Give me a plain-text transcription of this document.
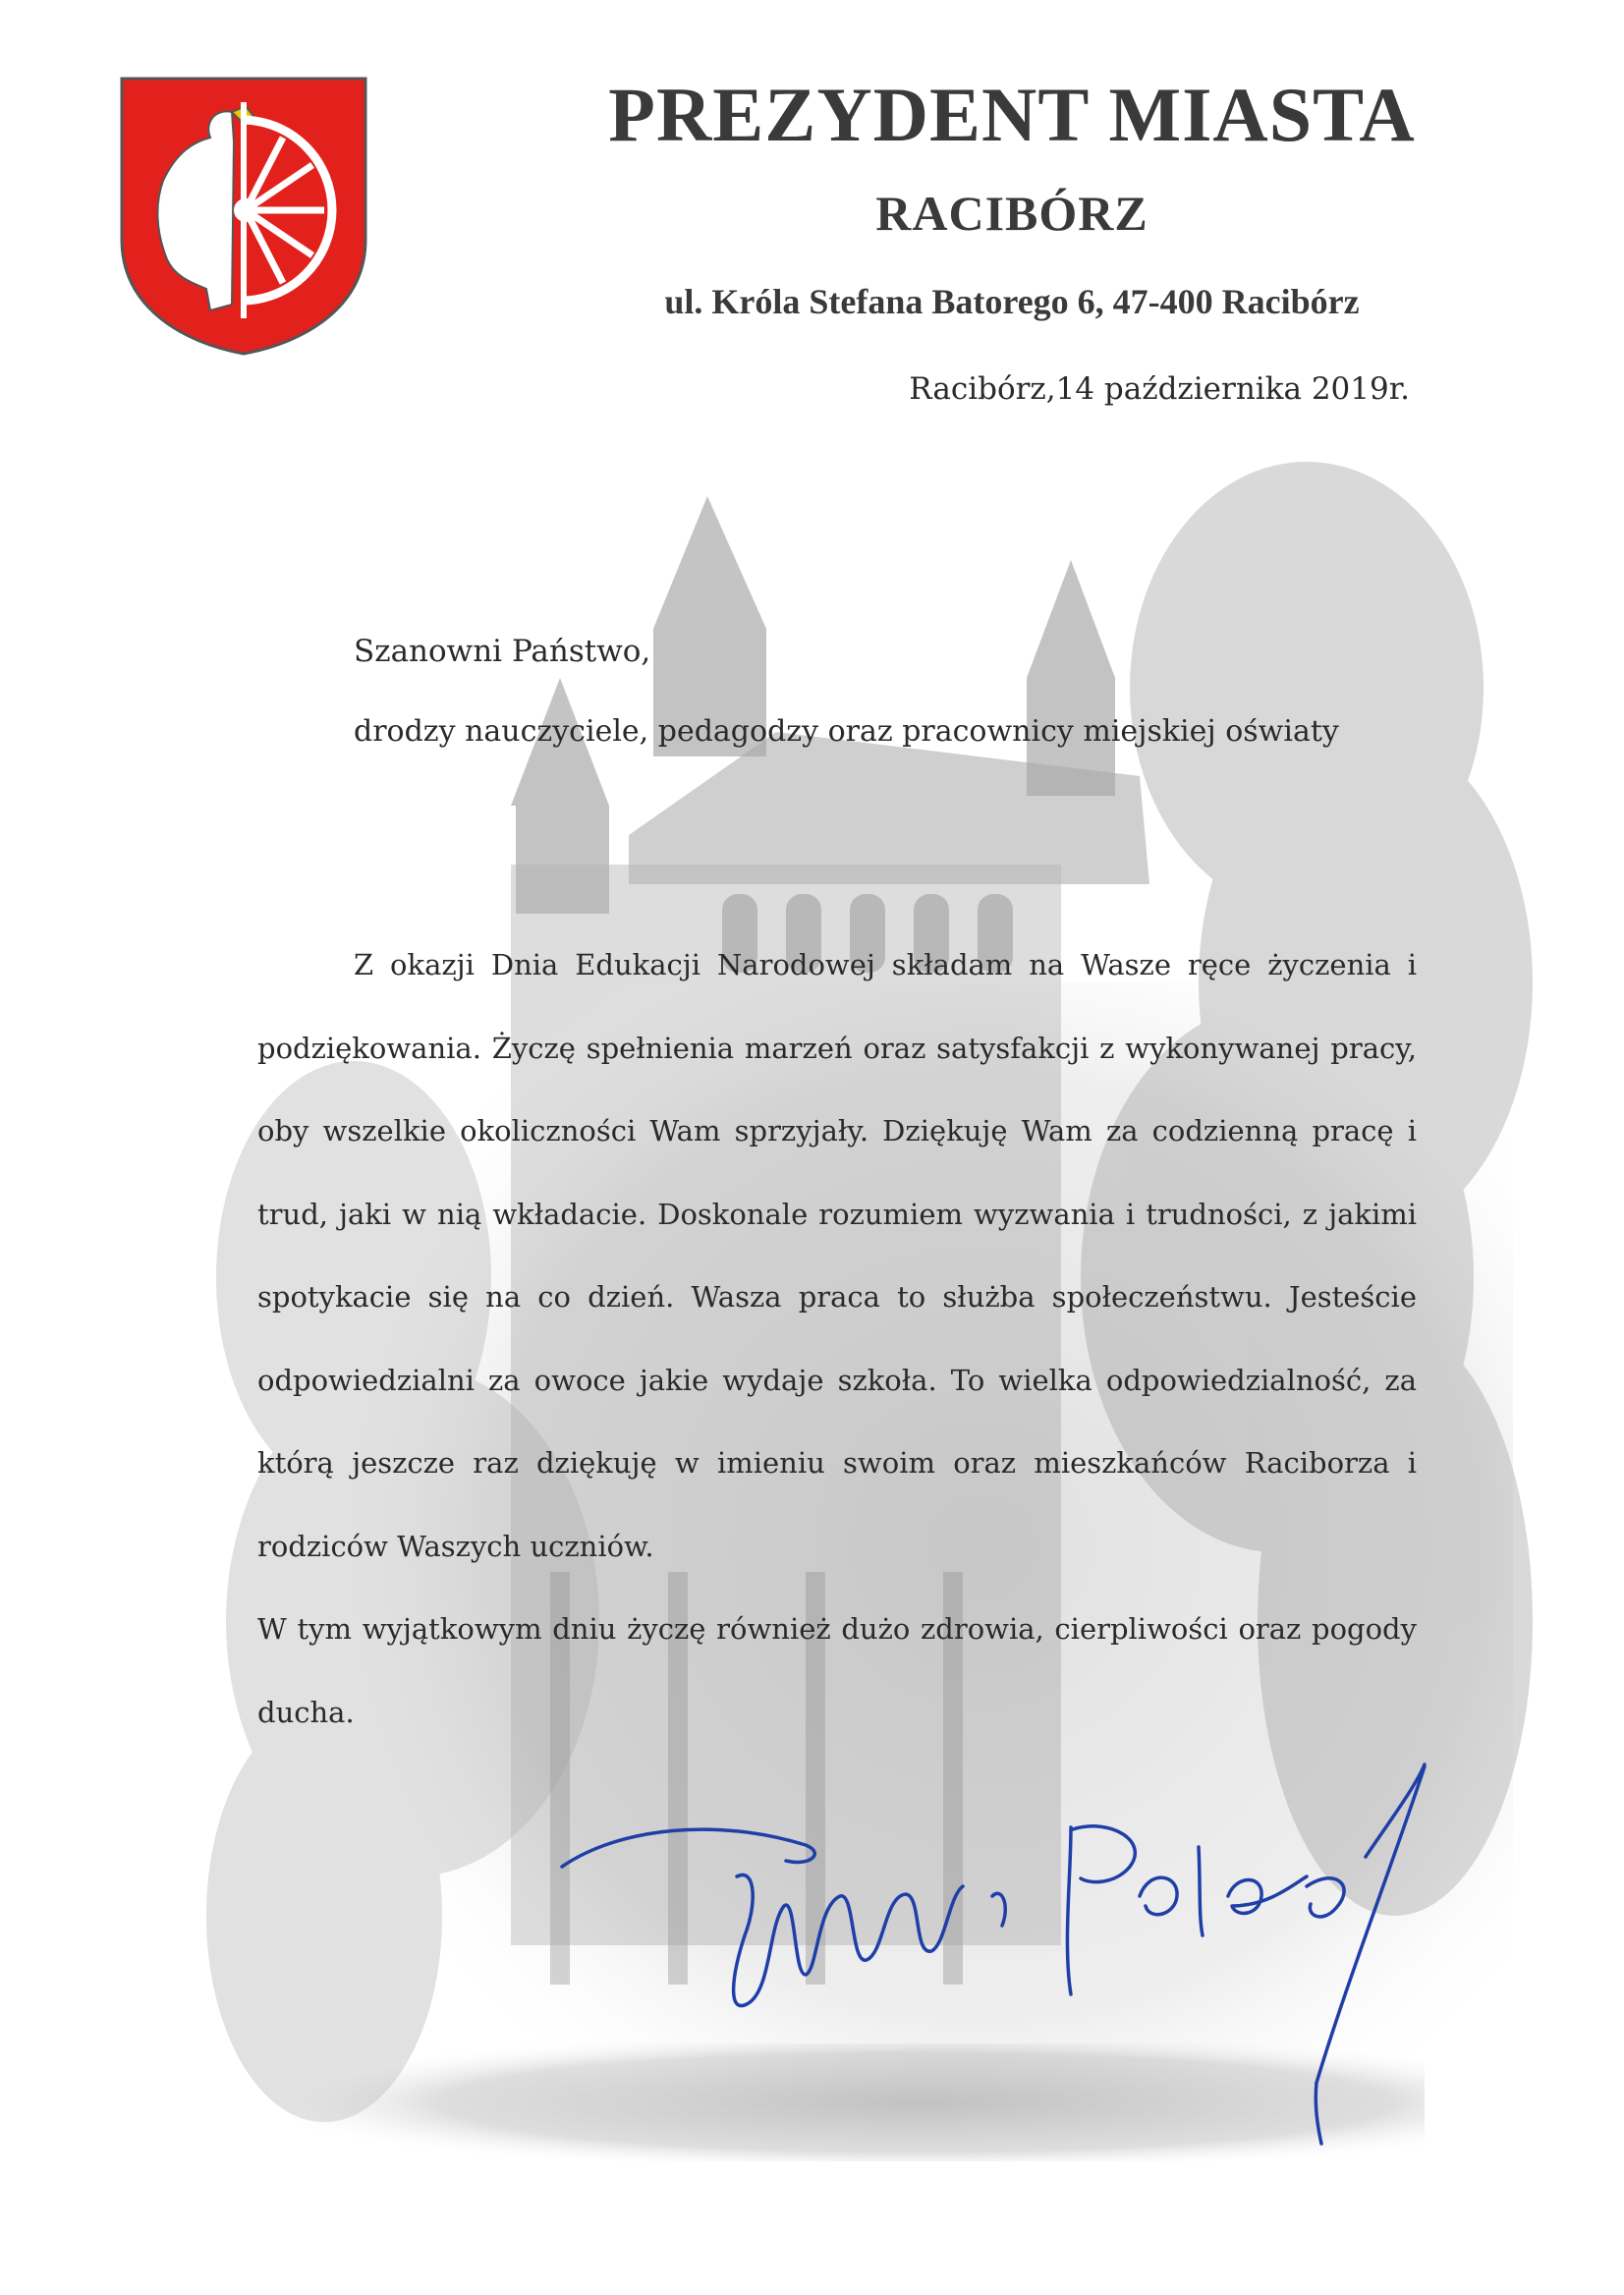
PREZYDENT MIASTA
RACIBÓRZ
ul. Króla Stefana Batorego 6, 47-400 Racibórz
Racibórz,14 października 2019r.
Szanowni Państwo,
drodzy nauczyciele, pedagodzy oraz pracownicy miejskiej oświaty

Z okazji Dnia Edukacji Narodowej składam na Wasze ręce życzenia i podziękowania. Życzę spełnienia marzeń oraz satysfakcji z wykonywanej pracy, oby wszelkie okoliczności Wam sprzyjały. Dziękuję Wam za codzienną pracę i trud, jaki w nią wkładacie. Doskonale rozumiem wyzwania i trudności, z jakimi spotykacie się na co dzień. Wasza praca to służba społeczeństwu. Jesteście odpowiedzialni za owoce jakie wydaje szkoła. To wielka odpowiedzialność, za którą jeszcze raz dziękuję w imieniu swoim oraz mieszkańców Raciborza i rodziców Waszych uczniów.

W tym wyjątkowym dniu życzę również dużo zdrowia, cierpliwości oraz pogody ducha.
